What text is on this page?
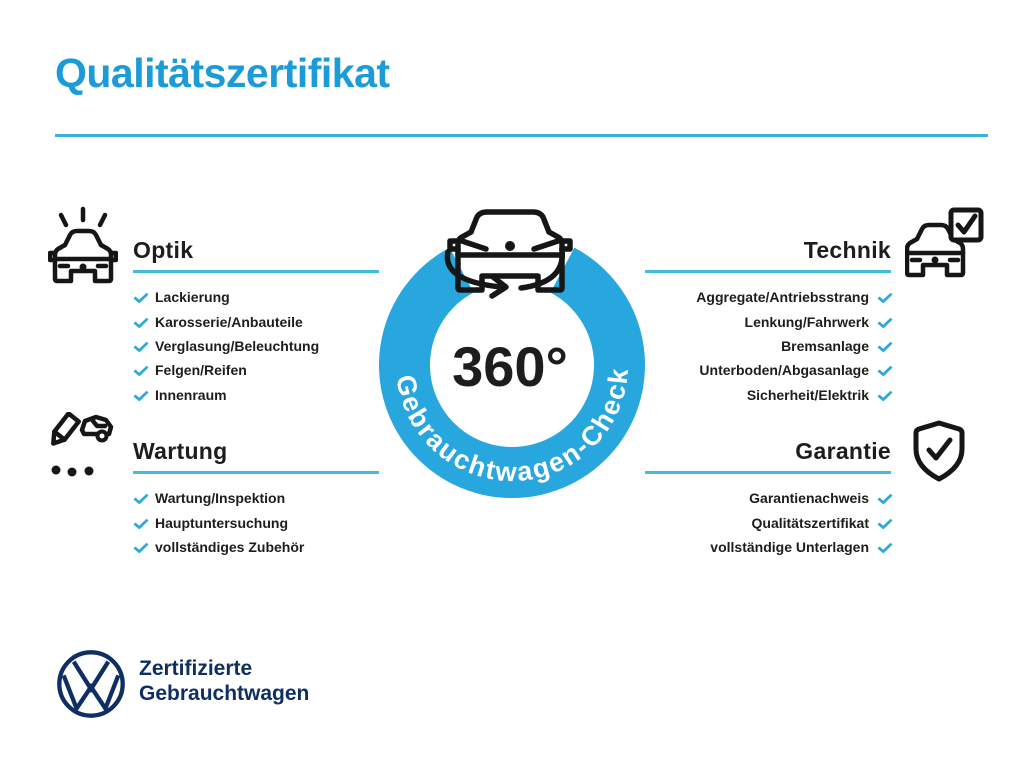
Qualitätszertifikat
Optik
Lackierung
Karosserie/Anbauteile
Verglasung/Beleuchtung
Felgen/Reifen
Innenraum
Technik
Aggregate/Antriebsstrang
Lenkung/Fahrwerk
Bremsanlage
Unterboden/Abgasanlage
Sicherheit/Elektrik
Wartung
Wartung/Inspektion
Hauptuntersuchung
vollständiges Zubehör
Garantie
Garantienachweis
Qualitätszertifikat
vollständige Unterlagen
Gebrauchtwagen-Check
360°
Zertifizierte
Gebrauchtwagen
